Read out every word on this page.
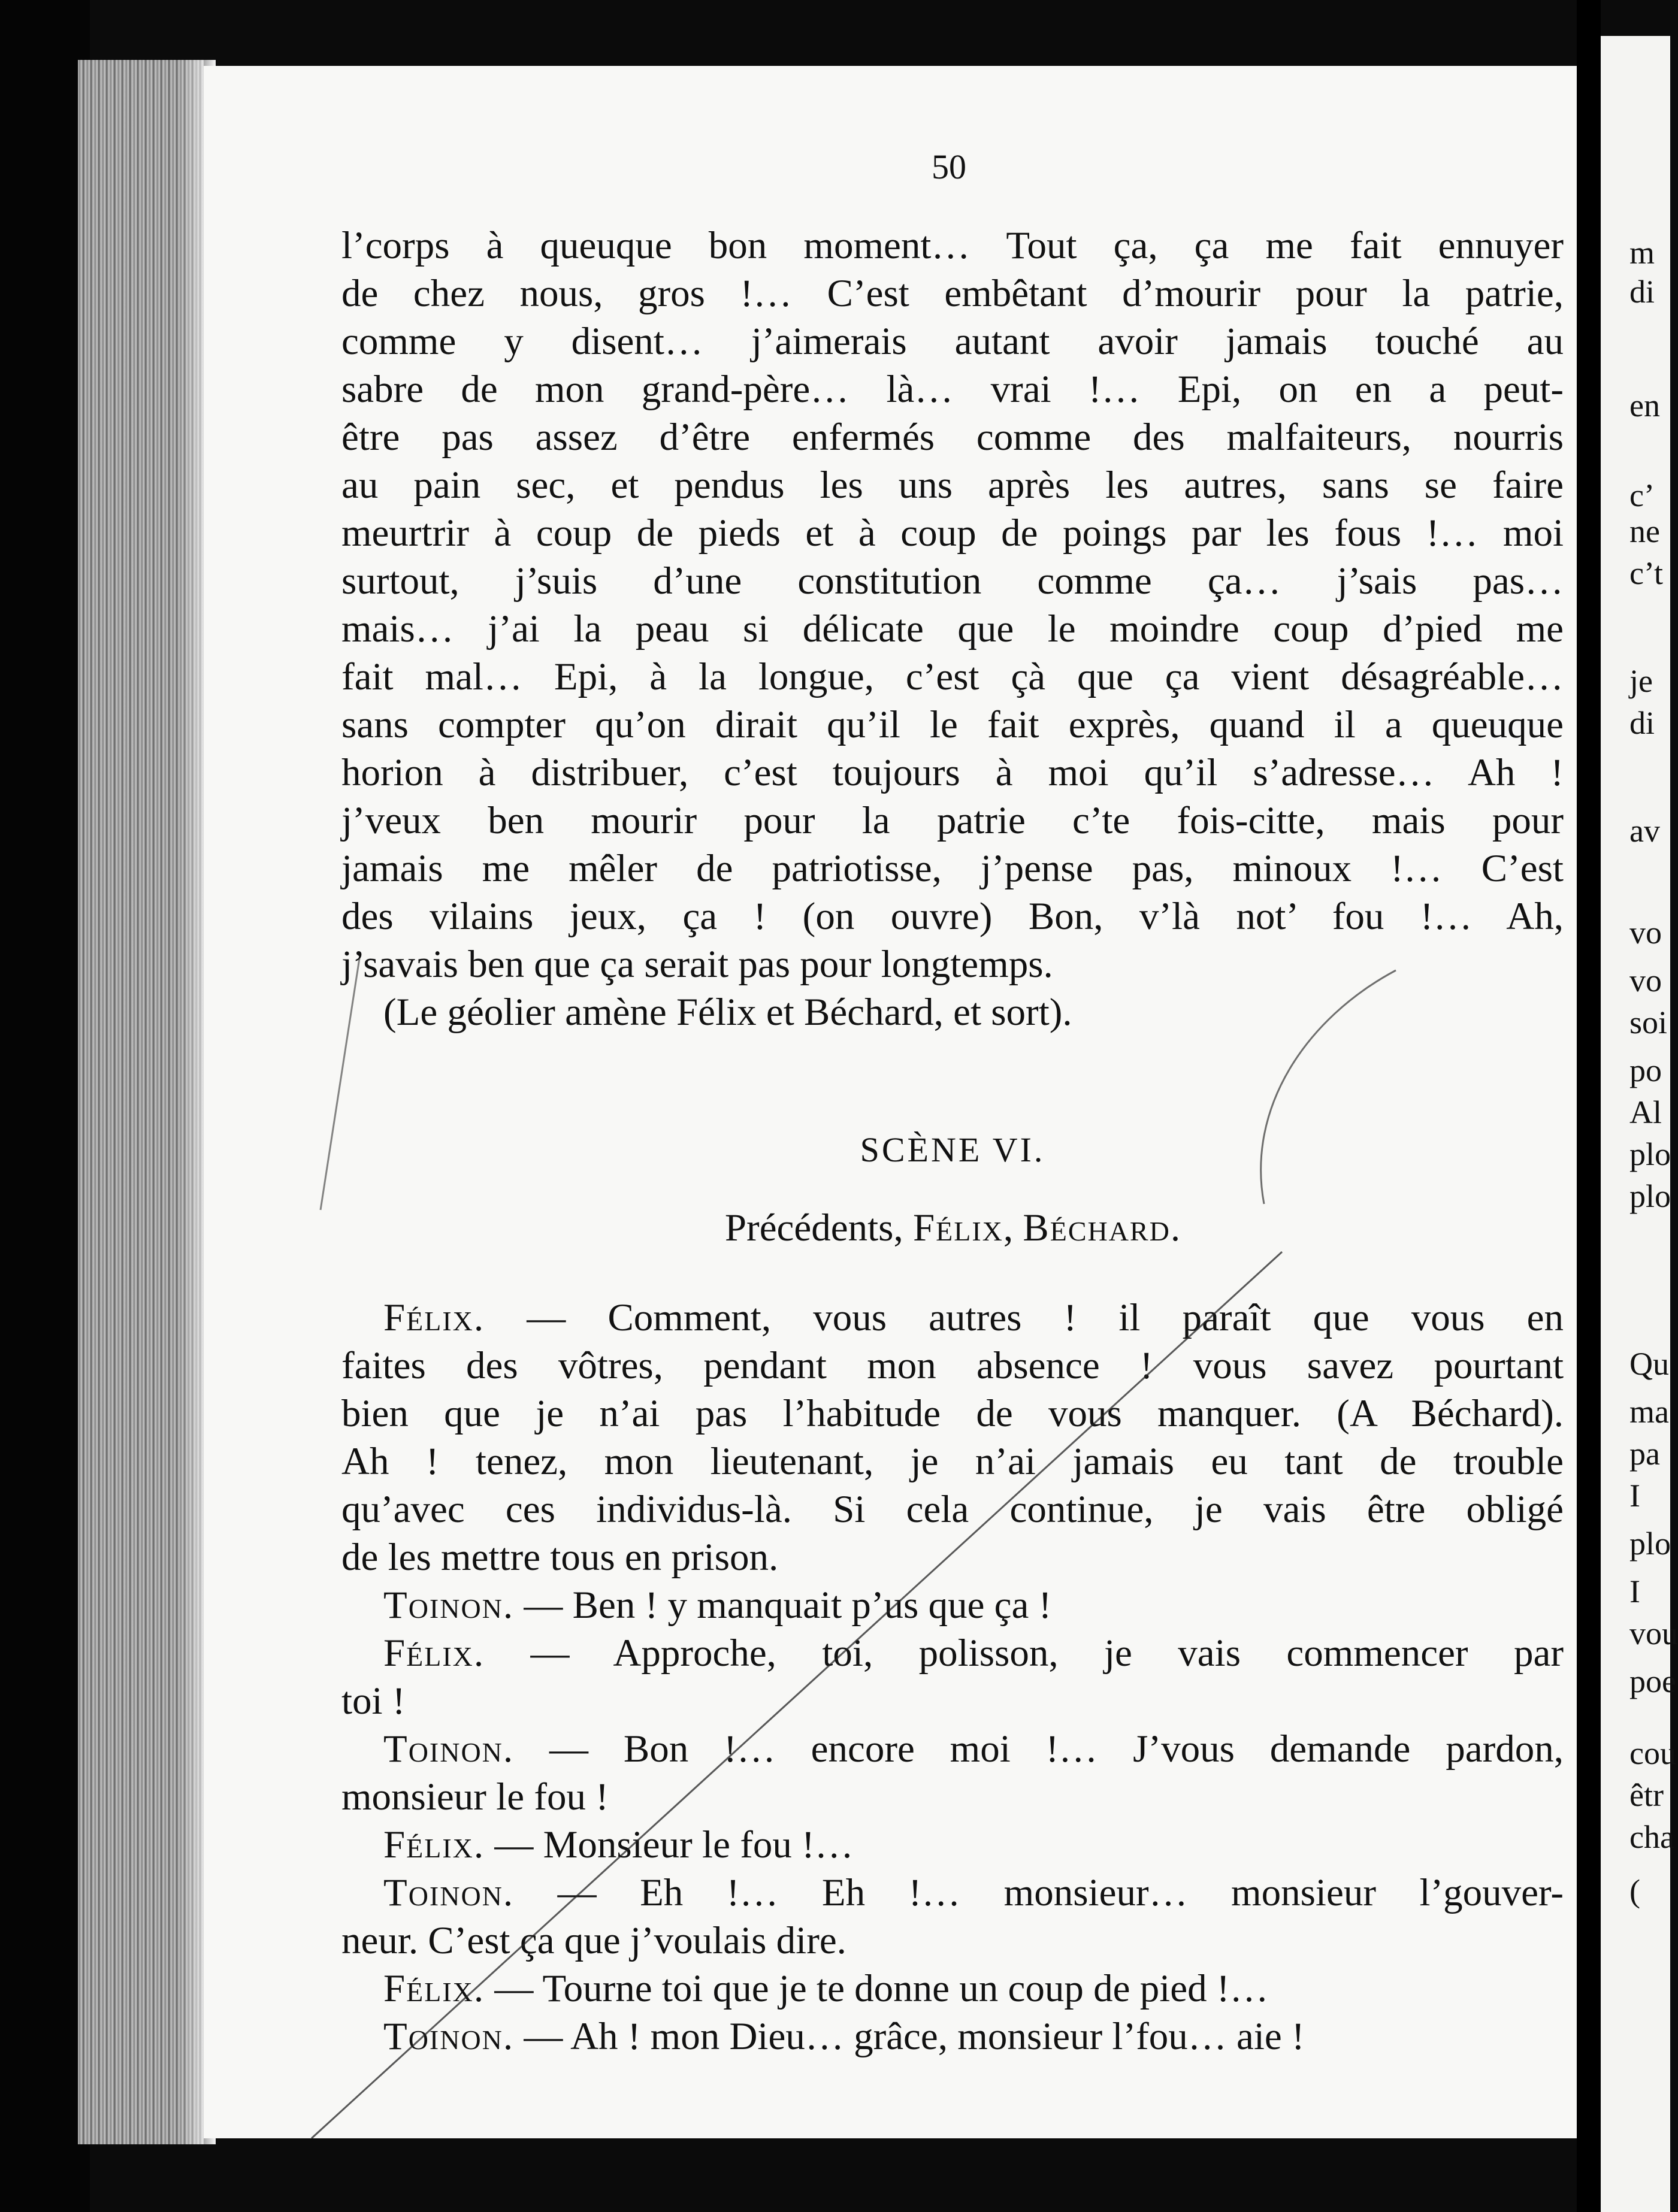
m
di
en
c’
ne
c’t
je
di
av
vo
vo
soi
po
Al
plo
plo
Qu
ma
pa
I
plo
I
vou
poe
cou
êtr
cha
(
50
l’corps à queuque bon moment… Tout ça, ça me fait ennuyer
de chez nous, gros !… C’est embêtant d’mourir pour la patrie,
comme y disent… j’aimerais autant avoir jamais touché au
sabre de mon grand-père… là… vrai !… Epi, on en a peut-
être pas assez d’être enfermés comme des malfaiteurs, nourris
au pain sec, et pendus les uns après les autres, sans se faire
meurtrir à coup de pieds et à coup de poings par les fous !… moi
surtout, j’suis d’une constitution comme ça… j’sais pas…
mais… j’ai la peau si délicate que le moindre coup d’pied me
fait mal… Epi, à la longue, c’est çà que ça vient désagréable…
sans compter qu’on dirait qu’il le fait exprès, quand il a queuque
horion à distribuer, c’est toujours à moi qu’il s’adresse… Ah !
j’veux ben mourir pour la patrie c’te fois-citte, mais pour
jamais me mêler de patriotisse, j’pense pas, minoux !… C’est
des vilains jeux, ça ! (on ouvre) Bon, v’là not’ fou !… Ah,
j’savais ben que ça serait pas pour longtemps.
(Le géolier amène Félix et Béchard, et sort).
SCÈNE VI.
Précédents, Félix, Béchard.
Félix. — Comment, vous autres ! il paraît que vous en
faites des vôtres, pendant mon absence ! vous savez pourtant
bien que je n’ai pas l’habitude de vous manquer. (A Béchard).
Ah ! tenez, mon lieutenant, je n’ai jamais eu tant de trouble
qu’avec ces individus-là. Si cela continue, je vais être obligé
de les mettre tous en prison.
Toinon. — Ben ! y manquait p’us que ça !
Félix. — Approche, toi, polisson, je vais commencer par
toi !
Toinon. — Bon !… encore moi !… J’vous demande pardon,
monsieur le fou !
Félix. — Monsieur le fou !…
Toinon. — Eh !… Eh !… monsieur… monsieur l’gouver-
neur. C’est ça que j’voulais dire.
Félix. — Tourne toi que je te donne un coup de pied !…
Toinon. — Ah ! mon Dieu… grâce, monsieur l’fou… aie !
